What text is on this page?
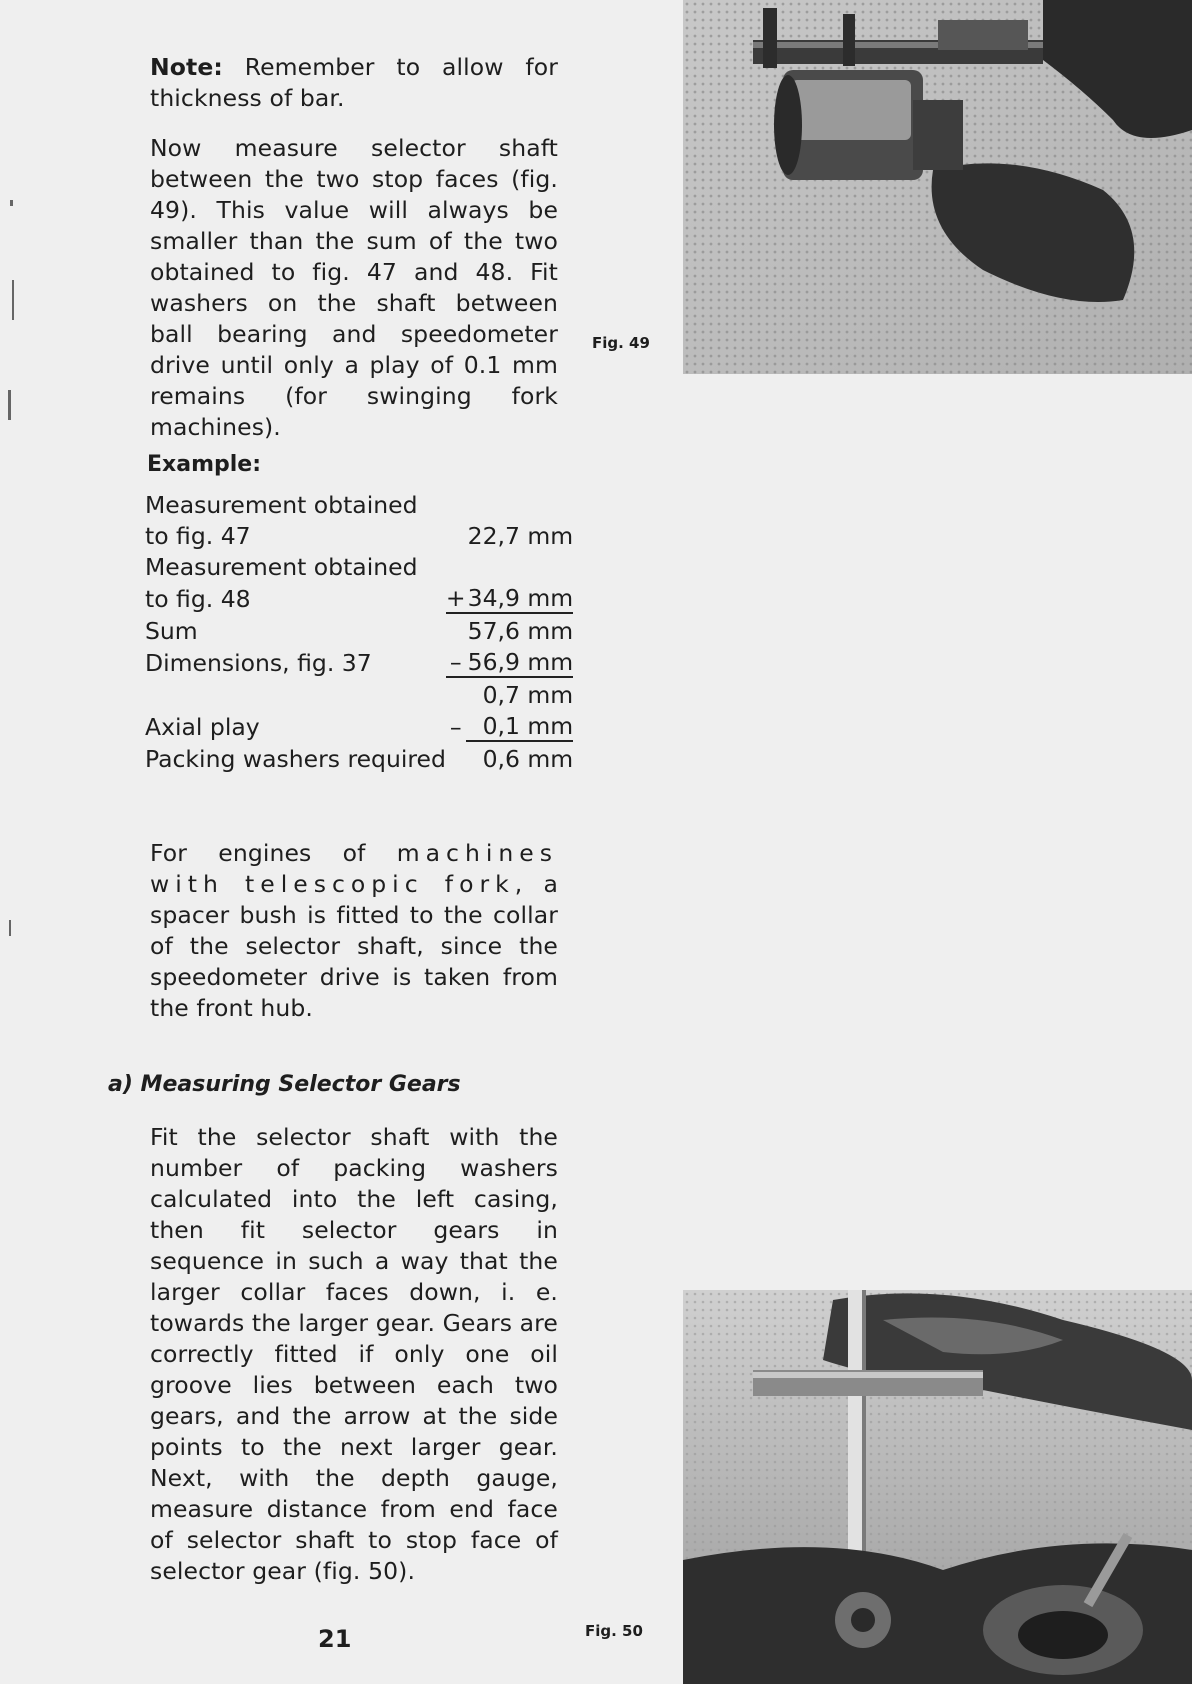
Note: Remember to allow for thickness of bar.
Now measure selector shaft between the two stop faces (fig. 49). This value will always be smaller than the sum of the two obtained to fig. 47 and 48. Fit washers on the shaft between ball bearing and speedometer drive until only a play of 0.1 mm remains (for swinging fork machines).
Example:
Measurement obtained		
to fig. 47		22,7 mm
Measurement obtained		
to fig. 48	+	34,9 mm
Sum		57,6 mm
Dimensions, fig. 37	–	56,9 mm
		0,7 mm
Axial play	–	0,1 mm
Packing washers required		0,6 mm
For engines of machines with telescopic fork, a spacer bush is fitted to the collar of the selector shaft, since the speedometer drive is taken from the front hub.
a) Measuring Selector Gears
Fit the selector shaft with the number of packing washers calculated into the left casing, then fit selector gears in sequence in such a way that the larger collar faces down, i. e. towards the larger gear. Gears are correctly fitted if only one oil groove lies between each two gears, and the arrow at the side points to the next larger gear. Next, with the depth gauge, measure distance from end face of selector shaft to stop face of selector gear (fig. 50).
21
Fig. 49
Fig. 50
